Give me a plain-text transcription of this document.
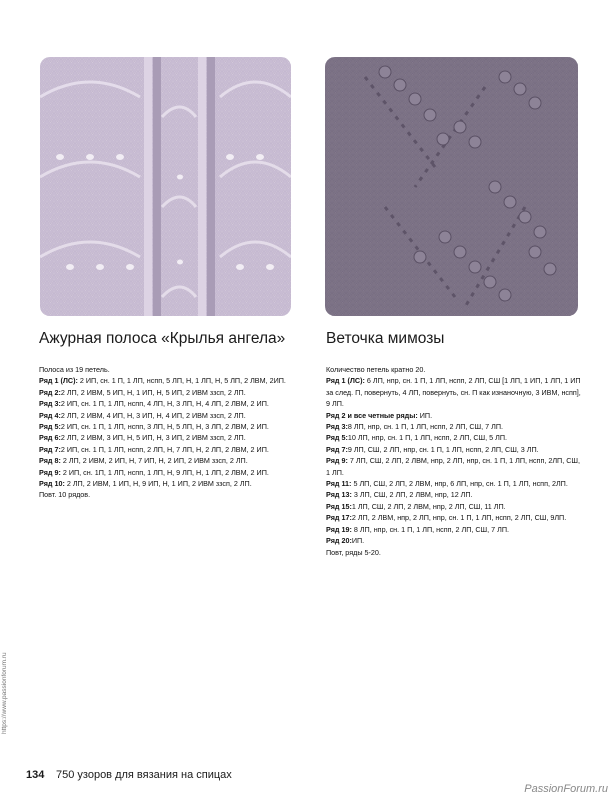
Ажурная полоса «Крылья ангела»	Веточка мимозы

Полоса из 19 петель.

Ряд 1 (ЛС): 2 ИП, сн. 1 П, 1 ЛП, нспп, 5 ЛП, Н, 1 ЛП, Н, 5 ЛП, 2 ЛВМ, 2ИП.

Ряд 2:2 ЛП, 2 ИВМ, 5 ИП, Н, 1 ИП, Н, 5 ИП, 2 ИВМ ззсп, 2 ЛП.

Ряд 3:2 ИП, сн. 1 П, 1 ЛП, нспп, 4 ЛП, Н, 3 ЛП, Н, 4 ЛП, 2 ЛВМ, 2 ИП.

Ряд 4:2 ЛП, 2 ИВМ, 4 ИП, Н, 3 ИП, Н, 4 ИП, 2 ИВМ ззсп, 2 ЛП.

Ряд 5:2 ИП, сн. 1 П, 1 ЛП, нспп, 3 ЛП, Н, 5 ЛП, Н, 3 ЛП, 2 ЛВМ, 2 ИП.

Ряд 6:2 ЛП, 2 ИВМ, 3 ИП, Н, 5 ИП, Н, 3 ИП, 2 ИВМ ззсп, 2 ЛП.

Ряд 7:2 ИП, сн. 1 П, 1 ЛП, нспп, 2 ЛП, Н, 7 ЛП, Н, 2 ЛП, 2 ЛВМ, 2 ИП.

Ряд 8: 2 ЛП, 2 ИВМ, 2 ИП, Н, 7 ИП, Н, 2 ИП, 2 ИВМ ззсп, 2 ЛП.

Ряд 9: 2 ИП, сн. 1П, 1 ЛП, нспп, 1 ЛП, Н, 9 ЛП, Н, 1 ЛП, 2 ЛВМ, 2 ИП.

Ряд 10: 2 ЛП, 2 ИВМ, 1 ИП, Н, 9 ИП, Н, 1 ИП, 2 ИВМ ззсп, 2 ЛП.

Повт. 10 рядов.

Количество петель кратно 20.

Ряд 1 (ЛС): 6 ЛП, нпр, сн. 1 П, 1 ЛП, нспп, 2 ЛП, СШ [1 ЛП, 1 ИП, 1 ЛП, 1 ИП за след. П, повернуть, 4 ЛП, повернуть, сн. П как изнаночную, 3 ИВМ, нспп], 9 ЛП.

Ряд 2 и все четные ряды: ИП.

Ряд 3:8 ЛП, нпр, сн. 1 П, 1 ЛП, нспп, 2 ЛП, СШ, 7 ЛП.

Ряд 5:10 ЛП, нпр, сн. 1 П, 1 ЛП, нспп, 2 ЛП, СШ, 5 ЛП.

Ряд 7:9 ЛП, СШ, 2 ЛП, нпр, сн. 1 П, 1 ЛП, нспп, 2 ЛП, СШ, 3 ЛП.

Ряд 9: 7 ЛП, СШ, 2 ЛП, 2 ЛВМ, нпр, 2 ЛП, нпр, сн. 1 П, 1 ЛП, нспп, 2ЛП, СШ, 1 ЛП.

Ряд 11: 5 ЛП, СШ, 2 ЛП, 2 ЛВМ, нпр, 6 ЛП, нпр, сн. 1 П, 1 ЛП, нспп, 2ЛП.

Ряд 13: 3 ЛП, СШ, 2 ЛП, 2 ЛВМ, нпр, 12 ЛП.

Ряд 15:1 ЛП, СШ, 2 ЛП, 2 ЛВМ, нпр, 2 ЛП, СШ, 11 ЛП.

Ряд 17:2 ЛП, 2 ЛВМ, нпр, 2 ЛП, нпр, сн. 1 П, 1 ЛП, нспп, 2 ЛП, СШ, 9ЛП.

Ряд 19: 8 ЛП, нпр, сн. 1 П, 1 ЛП, нспп, 2 ЛП, СШ, 7 ЛП.

Ряд 20:ИП.

Повт, ряды 5-20.

https://www.passionforum.ru
134 750 узоров для вязания на спицах
PassionForum.ru
